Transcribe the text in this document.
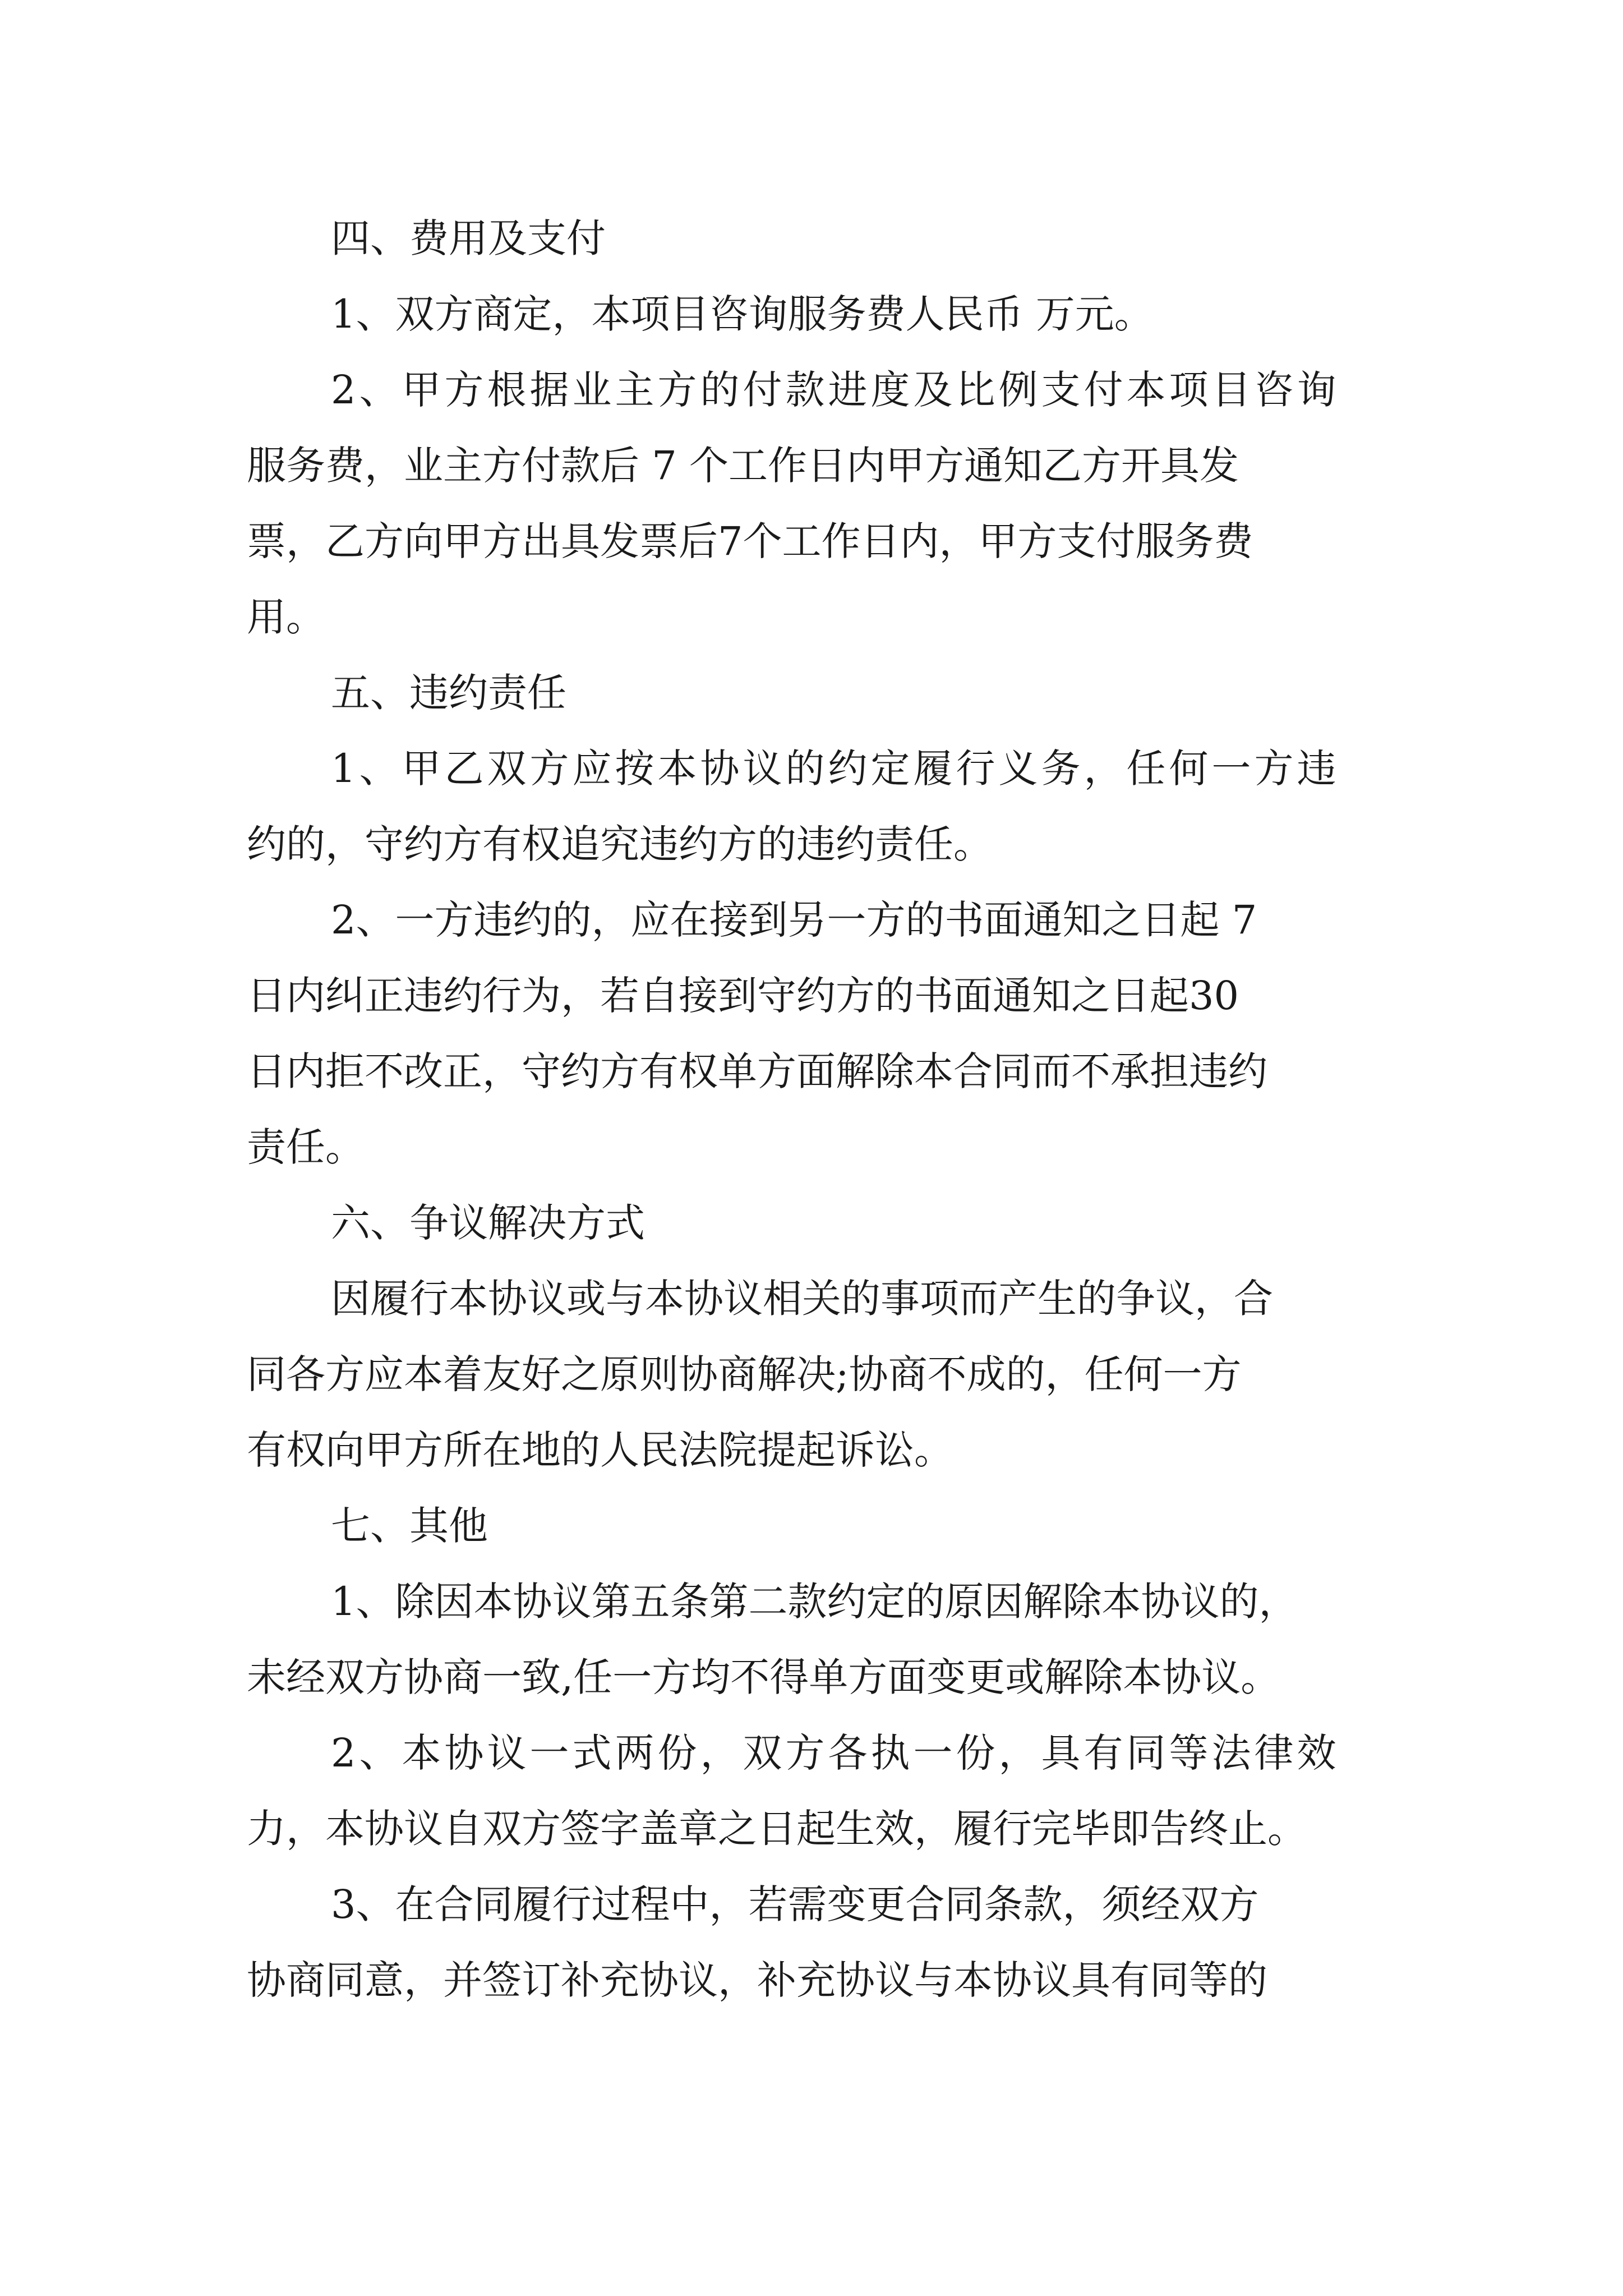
四、费用及支付
1、双方商定，本项目咨询服务费人民币 万元。
2、甲方根据业主方的付款进度及比例支付本项目咨询
服务费，业主方付款后 7 个工作日内甲方通知乙方开具发
票，乙方向甲方出具发票后7个工作日内，甲方支付服务费
用。
五、违约责任
1、甲乙双方应按本协议的约定履行义务，任何一方违
约的，守约方有权追究违约方的违约责任。
2、一方违约的，应在接到另一方的书面通知之日起 7
日内纠正违约行为，若自接到守约方的书面通知之日起30
日内拒不改正，守约方有权单方面解除本合同而不承担违约
责任。
六、争议解决方式
因履行本协议或与本协议相关的事项而产生的争议，合
同各方应本着友好之原则协商解决;协商不成的，任何一方
有权向甲方所在地的人民法院提起诉讼。
七、其他
1、除因本协议第五条第二款约定的原因解除本协议的，
未经双方协商一致,任一方均不得单方面变更或解除本协议。
2、本协议一式两份，双方各执一份，具有同等法律效
力，本协议自双方签字盖章之日起生效，履行完毕即告终止。
3、在合同履行过程中，若需变更合同条款，须经双方
协商同意，并签订补充协议，补充协议与本协议具有同等的
